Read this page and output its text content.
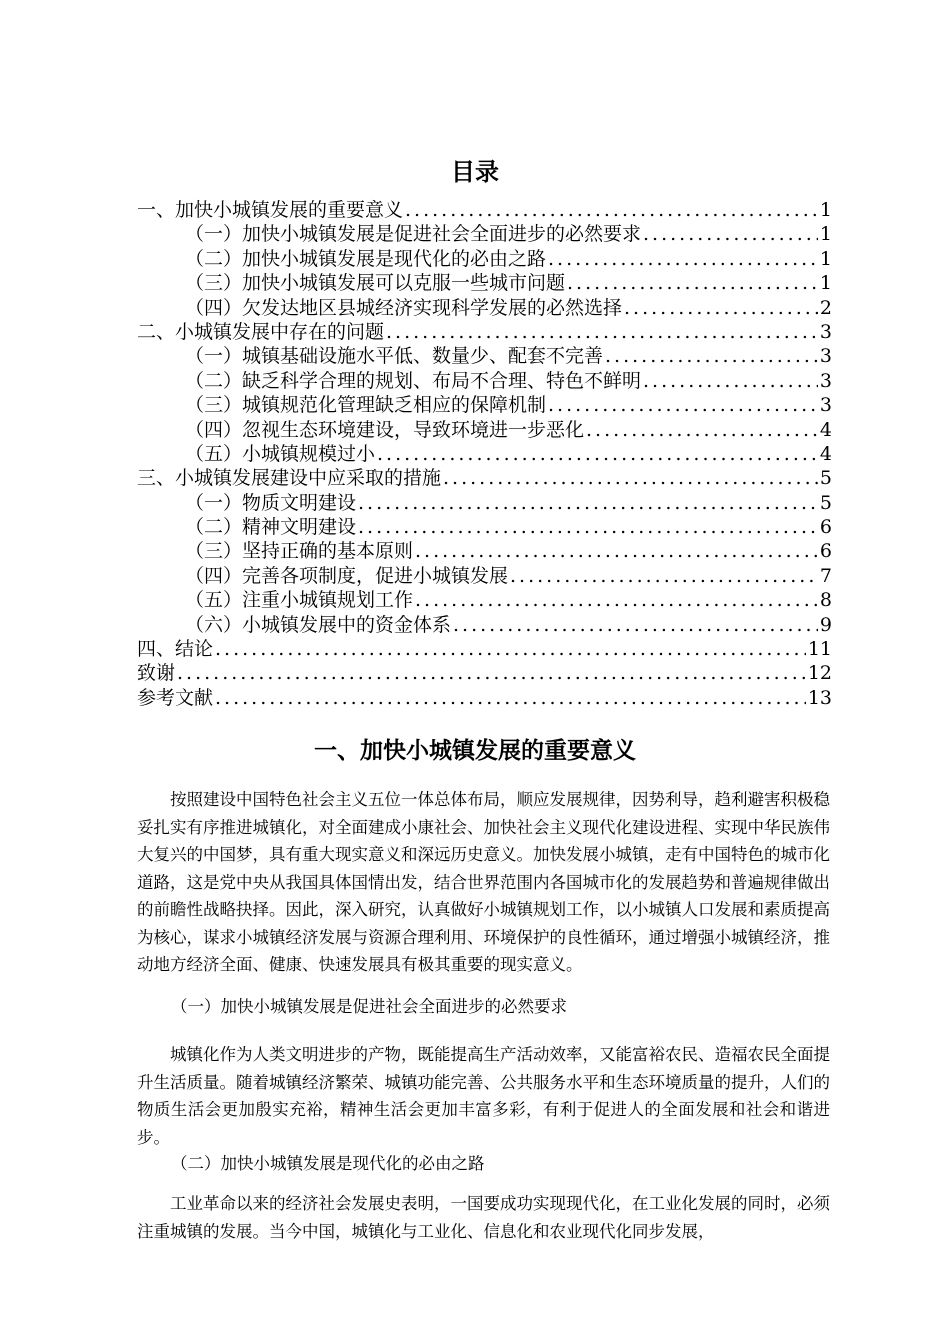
目录
一、加快小城镇发展的重要意义 .....	1
（一）加快小城镇发展是促进社会全面进步的必然要求 .....	1
（二）加快小城镇发展是现代化的必由之路 .....	1
（三）加快小城镇发展可以克服一些城市问题 .....	1
（四）欠发达地区县城经济实现科学发展的必然选择 .....	2
二、小城镇发展中存在的问题 .....	3
（一）城镇基础设施水平低、数量少、配套不完善 .....	3
（二）缺乏科学合理的规划、布局不合理、特色不鲜明 .....	3
（三）城镇规范化管理缺乏相应的保障机制 .....	3
（四）忽视生态环境建设，导致环境进一步恶化 .....	4
（五）小城镇规模过小 .....	4
三、小城镇发展建设中应采取的措施 .....	5
（一）物质文明建设 .....	5
（二）精神文明建设 .....	6
（三）坚持正确的基本原则 .....	6
（四）完善各项制度，促进小城镇发展 .....	7
（五）注重小城镇规划工作 .....	8
（六）小城镇发展中的资金体系 .....	9
四、结论 .....	11
致谢 .....	12
参考文献 .....	13
一、加快小城镇发展的重要意义

按照建设中国特色社会主义五位一体总体布局，顺应发展规律，因势利导，趋利避害积极稳妥扎实有序推进城镇化，对全面建成小康社会、加快社会主义现代化建设进程、实现中华民族伟大复兴的中国梦，具有重大现实意义和深远历史意义。加快发展小城镇，走有中国特色的城市化道路，这是党中央从我国具体国情出发，结合世界范围内各国城市化的发展趋势和普遍规律做出的前瞻性战略抉择。因此，深入研究，认真做好小城镇规划工作，以小城镇人口发展和素质提高为核心，谋求小城镇经济发展与资源合理利用、环境保护的良性循环，通过增强小城镇经济，推动地方经济全面、健康、快速发展具有极其重要的现实意义。

（一）加快小城镇发展是促进社会全面进步的必然要求

城镇化作为人类文明进步的产物，既能提高生产活动效率，又能富裕农民、造福农民全面提升生活质量。随着城镇经济繁荣、城镇功能完善、公共服务水平和生态环境质量的提升，人们的物质生活会更加殷实充裕，精神生活会更加丰富多彩，有利于促进人的全面发展和社会和谐进步。

（二）加快小城镇发展是现代化的必由之路

工业革命以来的经济社会发展史表明，一国要成功实现现代化，在工业化发展的同时，必须注重城镇的发展。当今中国，城镇化与工业化、信息化和农业现代化同步发展，
